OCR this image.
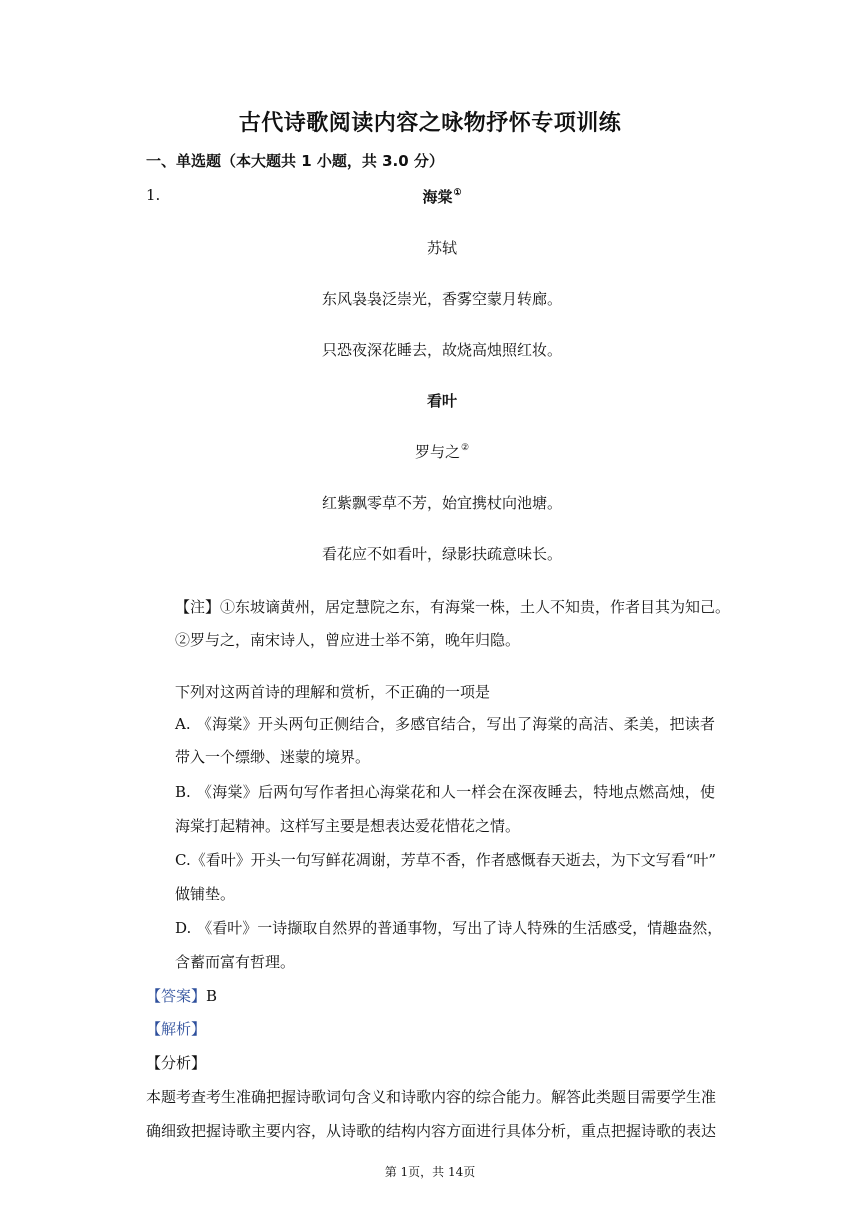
古代诗歌阅读内容之咏物抒怀专项训练
一、单选题（本大题共 1 小题，共 3.0 分）
1.	海棠①
苏轼
东风袅袅泛崇光，香雾空蒙月转廊。
只恐夜深花睡去，故烧高烛照红妆。
看叶
罗与之②
红紫飘零草不芳，始宜携杖向池塘。
看花应不如看叶，绿影扶疏意味长。
【注】①东坡谪黄州，居定慧院之东，有海棠一株，土人不知贵，作者目其为知己。
②罗与之，南宋诗人，曾应进士举不第，晚年归隐。
下列对这两首诗的理解和赏析，不正确的一项是
A. 《海棠》开头两句正侧结合，多感官结合，写出了海棠的高洁、柔美，把读者
带入一个缥缈、迷蒙的境界。
B. 《海棠》后两句写作者担心海棠花和人一样会在深夜睡去，特地点燃高烛，使
海棠打起精神。这样写主要是想表达爱花惜花之情。
C.《看叶》开头一句写鲜花凋谢，芳草不香，作者感慨春天逝去，为下文写看“叶”
做铺垫。
D. 《看叶》一诗撷取自然界的普通事物，写出了诗人特殊的生活感受，情趣盎然，
含蓄而富有哲理。
【答案】B
【解析】
【分析】
本题考查考生准确把握诗歌词句含义和诗歌内容的综合能力。解答此类题目需要学生准
确细致把握诗歌主要内容，从诗歌的结构内容方面进行具体分析，重点把握诗歌的表达
第 1页，共 14页
